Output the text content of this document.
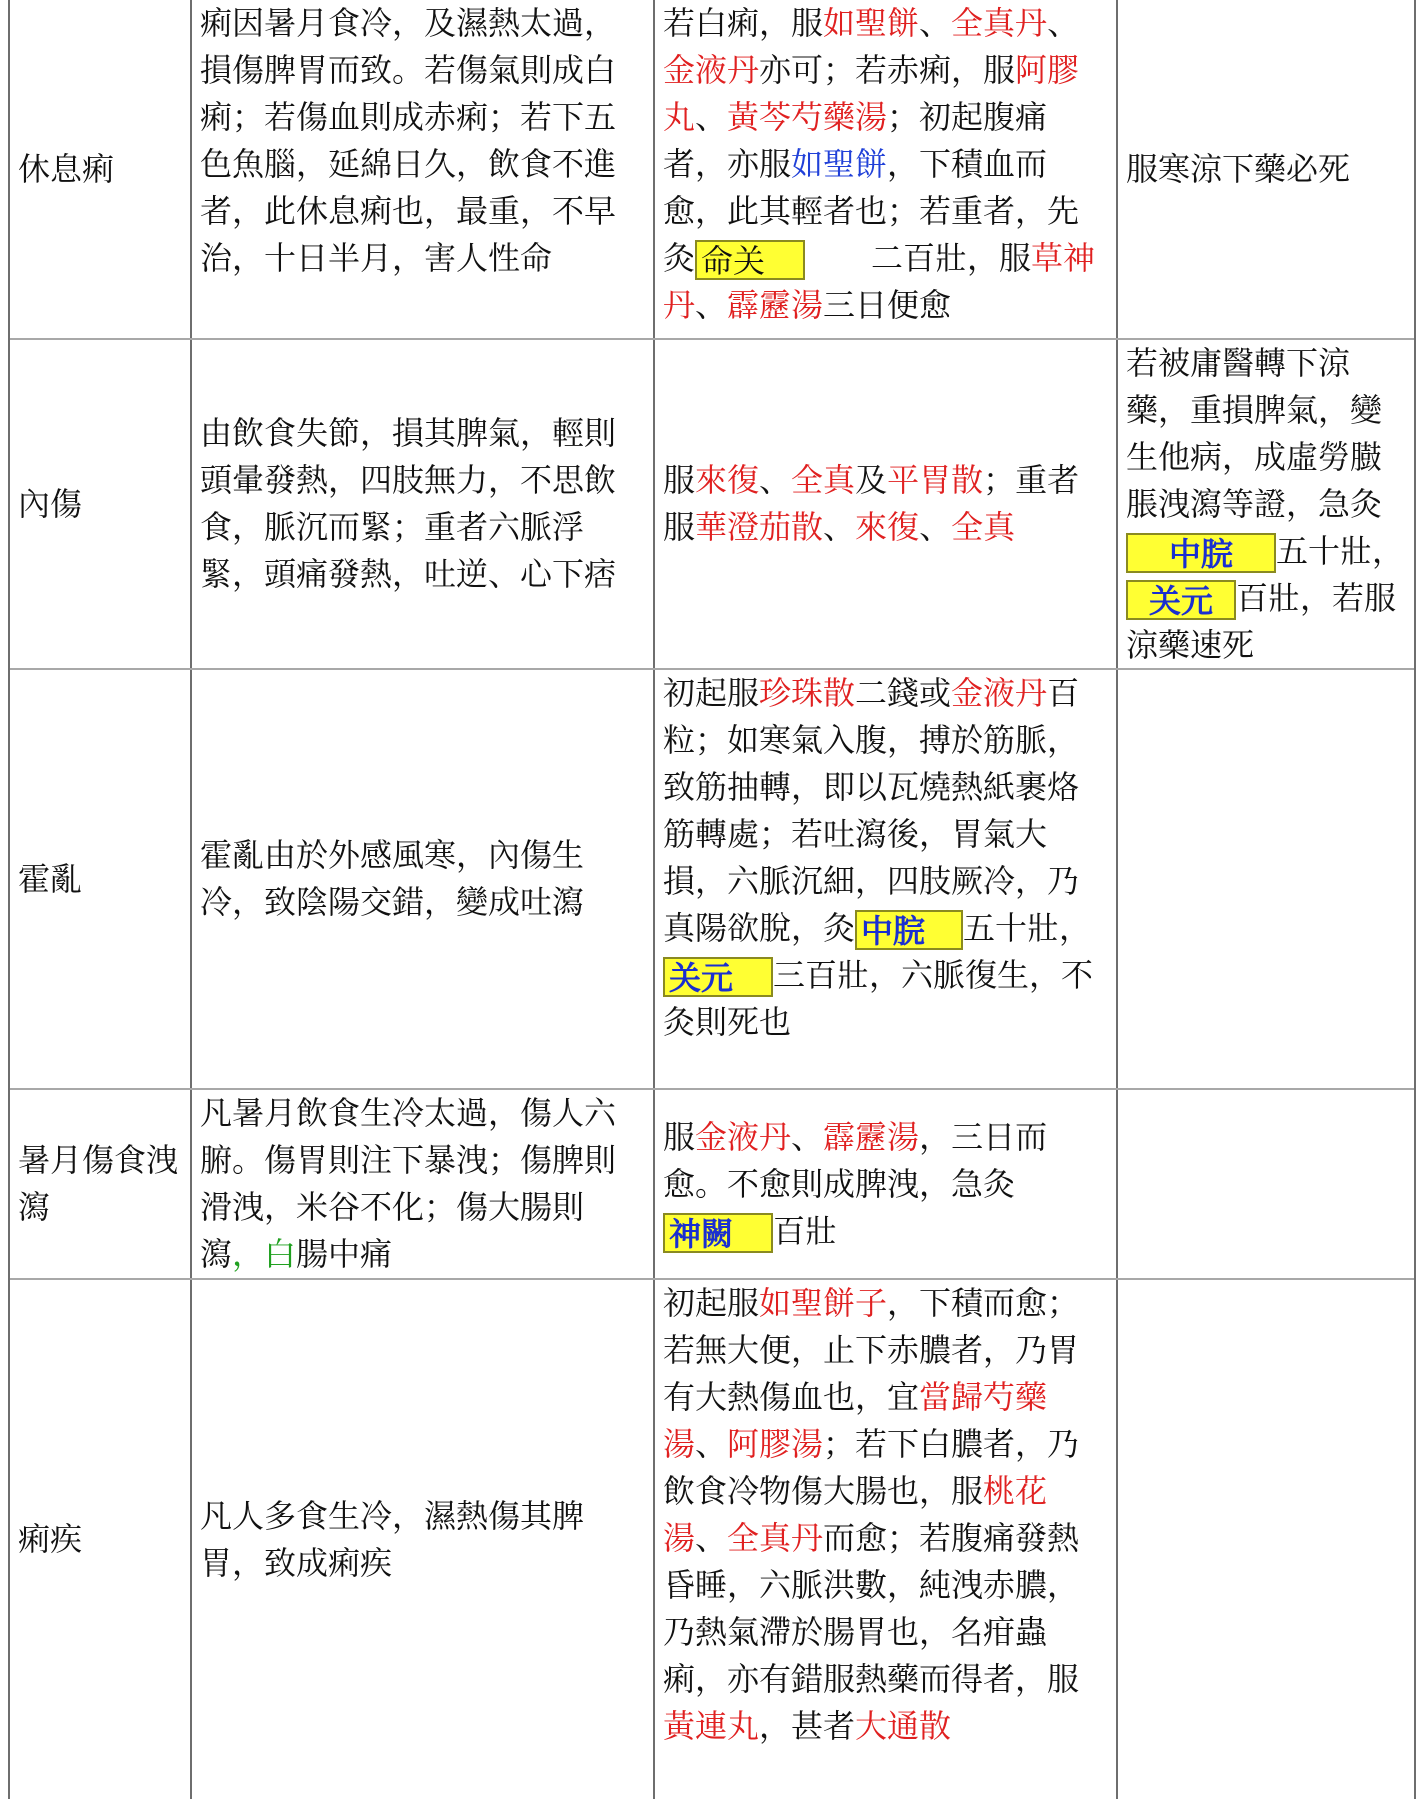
休息痢
痢因暑月食冷，及濕熱太過，損傷脾胃而致。若傷氣則成白痢；若傷血則成赤痢；若下五色魚腦，延綿日久，飲食不進者，此休息痢也，最重，不早治，十日半月，害人性命
若白痢，服如聖餅、全真丹、金液丹亦可；若赤痢，服阿膠丸、黃芩芍藥湯；初起腹痛者，亦服如聖餅，下積血而愈，此其輕者也；若重者，先灸 命关	二百壯，服草神丹、霹靂湯三日便愈
服寒涼下藥必死
內傷
由飲食失節，損其脾氣，輕則頭暈發熱，四肢無力，不思飲食，脈沉而緊；重者六脈浮緊，頭痛發熱，吐逆、心下痞
服來復、全真及平胃散；重者服華澄茄散、來復、全真
若被庸醫轉下涼藥，重損脾氣，變生他病，成虛勞臌脹洩瀉等證，急灸中脘 五十壯，关元 百壯，若服涼藥速死
霍亂
霍亂由於外感風寒，內傷生冷，致陰陽交錯，變成吐瀉
初起服珍珠散二錢或金液丹百粒；如寒氣入腹，搏於筋脈，致筋抽轉，即以瓦燒熱紙裹烙筋轉處；若吐瀉後，胃氣大損，六脈沉細，四肢厥冷，乃真陽欲脫，灸 中脘 五十壯，关元 三百壯，六脈復生，不灸則死也
暑月傷食洩瀉
凡暑月飲食生冷太過，傷人六腑。傷胃則注下暴洩；傷脾則滑洩，米谷不化；傷大腸則瀉，白腸中痛
服金液丹、霹靂湯，三日而愈。不愈則成脾洩，急灸神闕 百壯
痢疾
凡人多食生冷，濕熱傷其脾胃，致成痢疾
初起服如聖餅子，下積而愈；若無大便，止下赤膿者，乃胃有大熱傷血也，宜當歸芍藥湯、阿膠湯；若下白膿者，乃飲食冷物傷大腸也，服桃花湯、全真丹而愈；若腹痛發熱昏睡，六脈洪數，純洩赤膿，乃熱氣滯於腸胃也，名疳蟲痢，亦有錯服熱藥而得者，服黃連丸，甚者大通散
